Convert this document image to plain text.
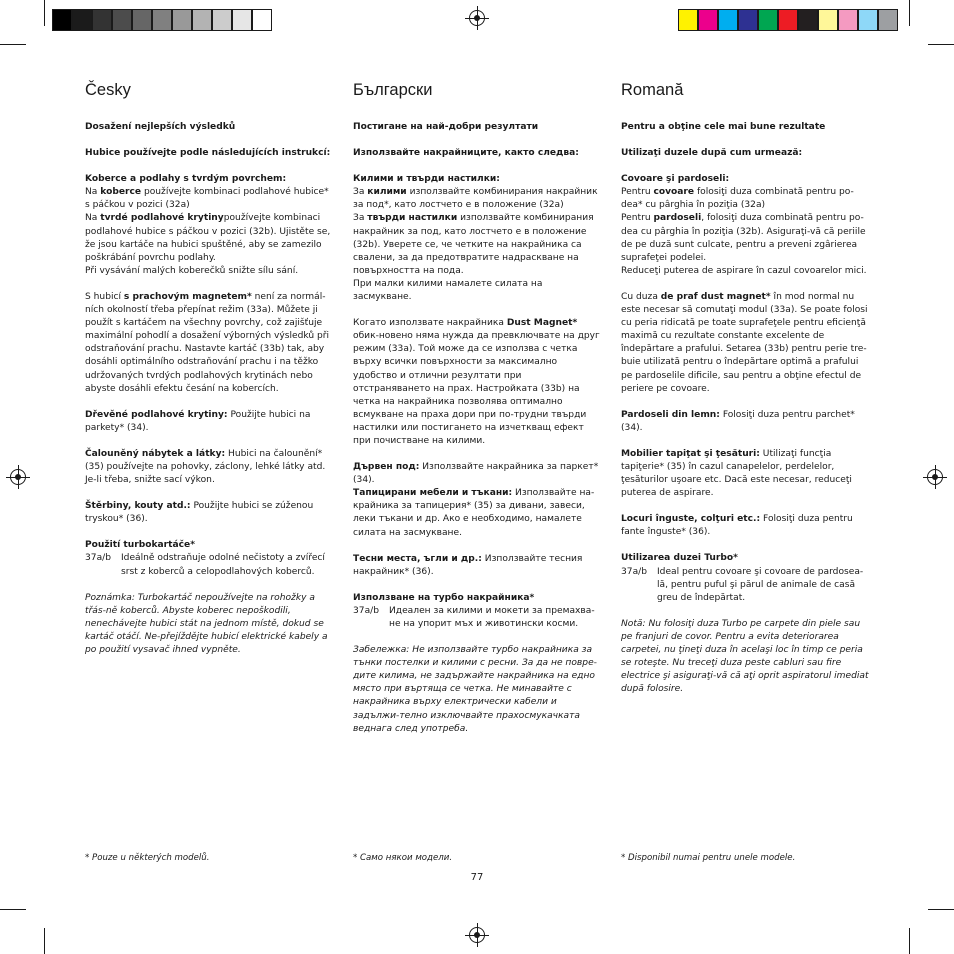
Česky

Dosažení nejlepších výsledků

Hubice používejte podle následujících instrukcí:

Koberce a podlahy s tvrdým povrchem:

Na koberce používejte kombinaci podlahové hubice* s páčkou v pozici (32a)

Na tvrdé podlahové krytinypoužívejte kombinaci podlahové hubice s páčkou v pozici (32b). Ujistěte se, že jsou kartáče na hubici spuštěné, aby se zamezilo poškrábání povrchu podlahy.

Při vysávání malých koberečků snižte sílu sání.

S hubicí s prachovým magnetem* není za normál-ních okolností třeba přepínat režim (33a). Můžete ji použít s kartáčem na všechny povrchy, což zajišťuje maximální pohodlí a dosažení výborných výsledků při odstraňování prachu. Nastavte kartáč (33b) tak, aby dosáhli optimálního odstraňování prachu i na těžko udržovaných tvrdých podlahových krytinách nebo abyste dosáhli efektu česání na kobercích.

Dřevěné podlahové krytiny: Použijte hubici na parkety* (34).

Čalouněný nábytek a látky: Hubici na čalounění* (35) používejte na pohovky, záclony, lehké látky atd. Je-li třeba, snižte sací výkon.

Štěrbiny, kouty atd.: Použijte hubici se zúženou tryskou* (36).

Použití turbokartáče*

37a/b	Ideálně odstraňuje odolné nečistoty a zvířecí srst z koberců a celopodlahových koberců.

Poznámka: Turbokartáč nepoužívejte na rohožky a třás-ně koberců. Abyste koberec nepoškodili, nenechávejte hubici stát na jednom místě, dokud se kartáč otáčí. Ne-přejíždějte hubicí elektrické kabely a po použití vysavač ihned vypněte.

Български

Постигане на най-добри резултати

Използвайте накрайниците, както следва:

Килими и твърди настилки:

За килими използвайте комбинирания накрайник за под*, като лостчето е в положение (32a)

За твърди настилки използвайте комбинирания накрайник за под, като лостчето е в положение (32b). Уверете се, че четките на накрайника са свалени, за да предотвратите надраскване на повърхността на пода.

При малки килими намалете силата на засмукване.

Когато използвате накрайника Dust Magnet* обик-новено няма нужда да превключвате на друг режим (33a). Той може да се използва с четка върху всички повърхности за максимално удобство и отлични резултати при отстраняването на прах. Настройката (33b) на четка на накрайника позволява оптимално всмукване на праха дори при по-трудни твърди настилки или постигането на изчеткващ ефект при почистване на килими.

Дървен под: Използвайте накрайника за паркет* (34).

Тапицирани мебели и тъкани: Използвайте на-крайника за тапицерия* (35) за дивани, завеси, леки тъкани и др. Ако е необходимо, намалете силата на засмукване.

Тесни места, ъгли и др.: Използвайте тесния накрайник* (36).

Използване на турбо накрайника*

37a/b	Идеален за килими и мокети за премахва-не на упорит мъх и животински косми.

Забележка: Не използвайте турбо накрайника за тънки постелки и килими с ресни. За да не повре-дите килима, не задържайте накрайника на едно място при въртяща се четка. Не минавайте с накрайника върху електрически кабели и задължи-телно изключвайте прахосмукачката веднага след употреба.

Romană

Pentru a obţine cele mai bune rezultate

Utilizaţi duzele după cum urmează:

Covoare şi pardoseli:

Pentru covoare folosiţi duza combinată pentru po-dea* cu pârghia în poziţia (32a)

Pentru pardoseli, folosiţi duza combinată pentru po-dea cu pârghia în poziţia (32b). Asiguraţi-vă că periile de pe duză sunt culcate, pentru a preveni zgârierea suprafeţei podelei.

Reduceţi puterea de aspirare în cazul covoarelor mici.

Cu duza de praf dust magnet* în mod normal nu este necesar să comutaţi modul (33a). Se poate folosi cu peria ridicată pe toate suprafeţele pentru eficienţă maximă cu rezultate constante excelente de îndepărtare a prafului. Setarea (33b) pentru perie tre-buie utilizată pentru o îndepărtare optimă a prafului pe pardoselile dificile, sau pentru a obţine efectul de periere pe covoare.

Pardoseli din lemn: Folosiţi duza pentru parchet* (34).

Mobilier tapiţat şi ţesături: Utilizaţi funcţia tapiţerie* (35) în cazul canapelelor, perdelelor, ţesăturilor uşoare etc. Dacă este necesar, reduceţi puterea de aspirare.

Locuri înguste, colţuri etc.: Folosiţi duza pentru fante înguste* (36).

Utilizarea duzei Turbo*

37a/b	Ideal pentru covoare şi covoare de pardosea-lă, pentru puful şi părul de animale de casă greu de îndepărtat.

Notă: Nu folosiţi duza Turbo pe carpete din piele sau pe franjuri de covor. Pentru a evita deteriorarea carpetei, nu ţineţi duza în acelaşi loc în timp ce peria se roteşte. Nu treceţi duza peste cabluri sau fire electrice şi asiguraţi-vă că aţi oprit aspiratorul imediat după folosire.

* Pouze u některých modelů.	* Само някои модели.	* Disponibil numai pentru unele modele.
77
